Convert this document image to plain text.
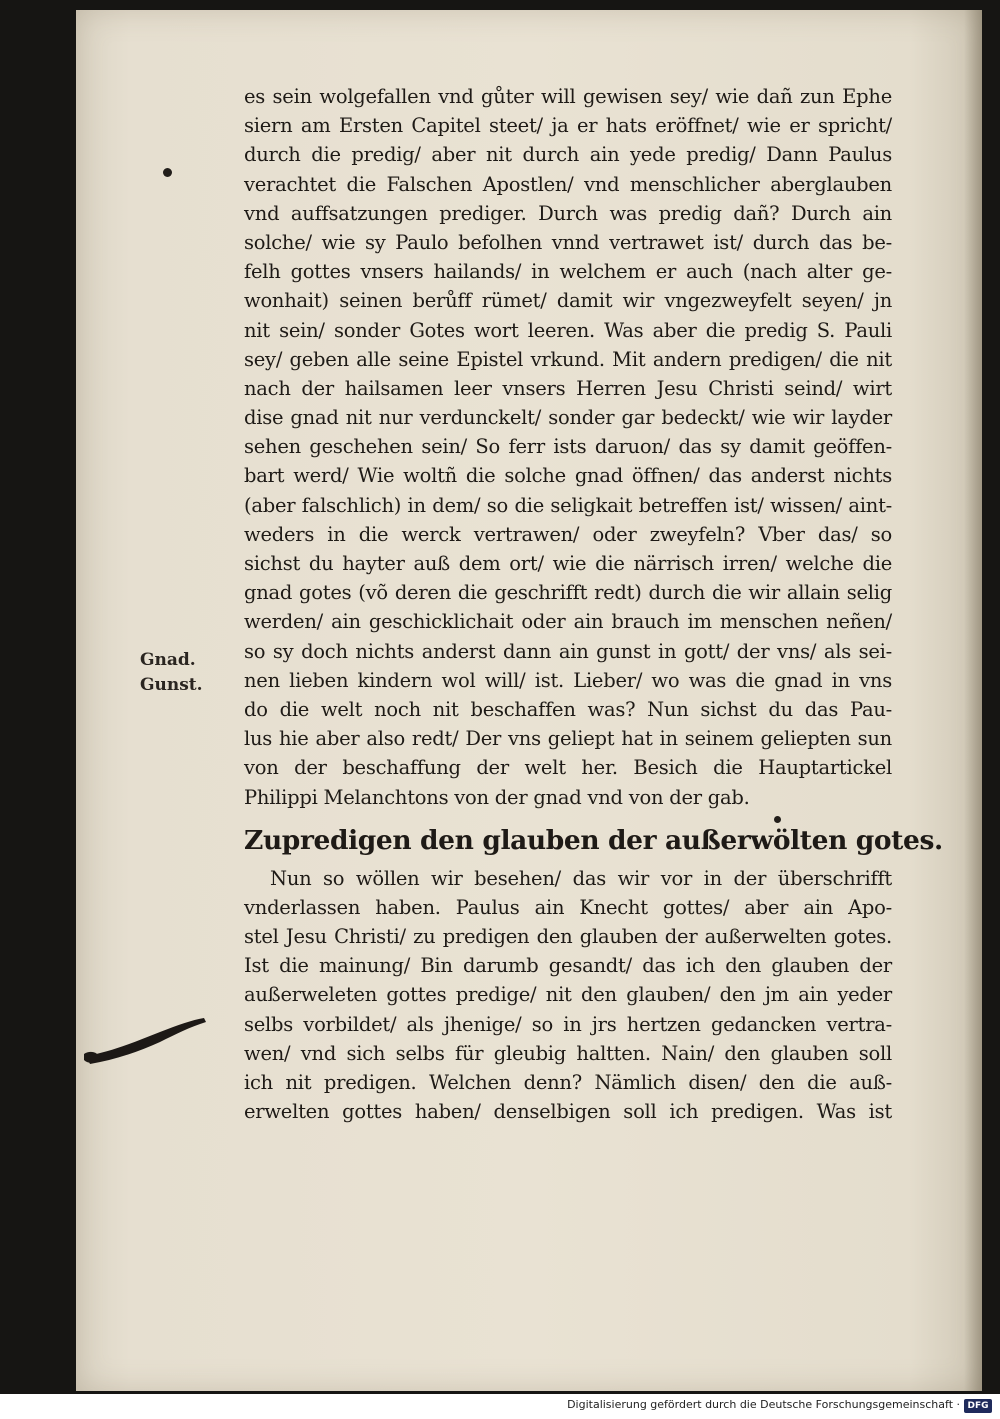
Gnad.
Gunst.
es sein wolgefallen vnd gůter will gewisen sey/ wie dañ zun Ephe
siern am Ersten Capitel steet/ ja er hats eröffnet/ wie er spricht/
durch die predig/ aber nit durch ain yede predig/ Dann Paulus
verachtet die Falschen Apostlen/ vnd menschlicher aberglauben
vnd auffsatzungen prediger. Durch was predig dañ? Durch ain
solche/ wie sy Paulo befolhen vnnd vertrawet ist/ durch das be-
felh gottes vnsers hailands/ in welchem er auch (nach alter ge-
wonhait) seinen berůff rümet/ damit wir vngezweyfelt seyen/ jn
nit sein/ sonder Gotes wort leeren. Was aber die predig S. Pauli
sey/ geben alle seine Epistel vrkund. Mit andern predigen/ die nit
nach der hailsamen leer vnsers Herren Jesu Christi seind/ wirt
dise gnad nit nur verdunckelt/ sonder gar bedeckt/ wie wir layder
sehen geschehen sein/ So ferr ists daruon/ das sy damit geöffen-
bart werd/ Wie woltñ die solche gnad öffnen/ das anderst nichts
(aber falschlich) in dem/ so die seligkait betreffen ist/ wissen/ aint-
weders in die werck vertrawen/ oder zweyfeln? Vber das/ so
sichst du hayter auß dem ort/ wie die närrisch irren/ welche die
gnad gotes (võ deren die geschrifft redt) durch die wir allain selig
werden/ ain geschicklichait oder ain brauch im menschen neñen/
so sy doch nichts anderst dann ain gunst in gott/ der vns/ als sei-
nen lieben kindern wol will/ ist. Lieber/ wo was die gnad in vns
do die welt noch nit beschaffen was? Nun sichst du das Pau-
lus hie aber also redt/ Der vns geliept hat in seinem geliepten sun
von der beschaffung der welt her. Besich die Hauptartickel
Philippi Melanchtons von der gnad vnd von der gab.
Zupredigen den glauben der außerwölten gotes.
Nun so wöllen wir besehen/ das wir vor in der überschrifft
vnderlassen haben. Paulus ain Knecht gottes/ aber ain Apo-
stel Jesu Christi/ zu predigen den glauben der außerwelten gotes.
Ist die mainung/ Bin darumb gesandt/ das ich den glauben der
außerweleten gottes predige/ nit den glauben/ den jm ain yeder
selbs vorbildet/ als jhenige/ so in jrs hertzen gedancken vertra-
wen/ vnd sich selbs für gleubig haltten. Nain/ den glauben soll
ich nit predigen. Welchen denn? Nämlich disen/ den die auß-
erwelten gottes haben/ denselbigen soll ich predigen. Was ist
Digitalisierung gefördert durch die Deutsche Forschungsgemeinschaft · DFG
